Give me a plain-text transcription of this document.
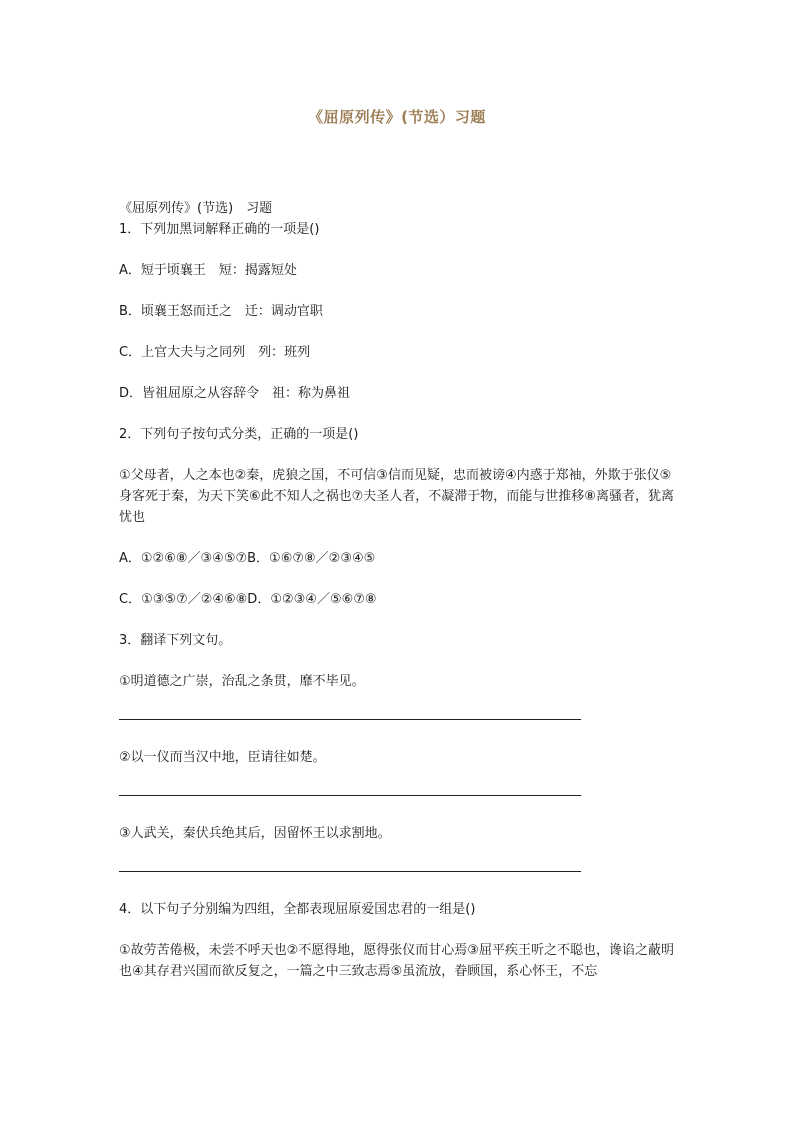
《屈原列传》(节选）习题
《屈原列传》(节选)　习题
1．下列加黑词解释正确的一项是()
A．短于顷襄王　短：揭露短处
B．顷襄王怒而迁之　迁：调动官职
C．上官大夫与之同列　列：班列
D．皆祖屈原之从容辞令　祖：称为鼻祖
2．下列句子按句式分类，正确的一项是()
①父母者，人之本也②秦，虎狼之国，不可信③信而见疑，忠而被谤④内惑于郑袖，外欺于张仪⑤身客死于秦，为天下笑⑥此不知人之祸也⑦夫圣人者，不凝滞于物，而能与世推移⑧离骚者，犹离忧也
A．①②⑥⑧／③④⑤⑦B．①⑥⑦⑧／②③④⑤
C．①③⑤⑦／②④⑥⑧D．①②③④／⑤⑥⑦⑧
3．翻译下列文句。
①明道德之广崇，治乱之条贯，靡不毕见。
②以一仪而当汉中地，臣请往如楚。
③人武关，秦伏兵绝其后，因留怀王以求割地。
4．以下句子分别编为四组，全都表现屈原爱国忠君的一组是()
①故劳苦倦极，未尝不呼天也②不愿得地，愿得张仪而甘心焉③屈平疾王听之不聪也，谗谄之蔽明也④其存君兴国而欲反复之，一篇之中三致志焉⑤虽流放，眷顾国，系心怀王，不忘
